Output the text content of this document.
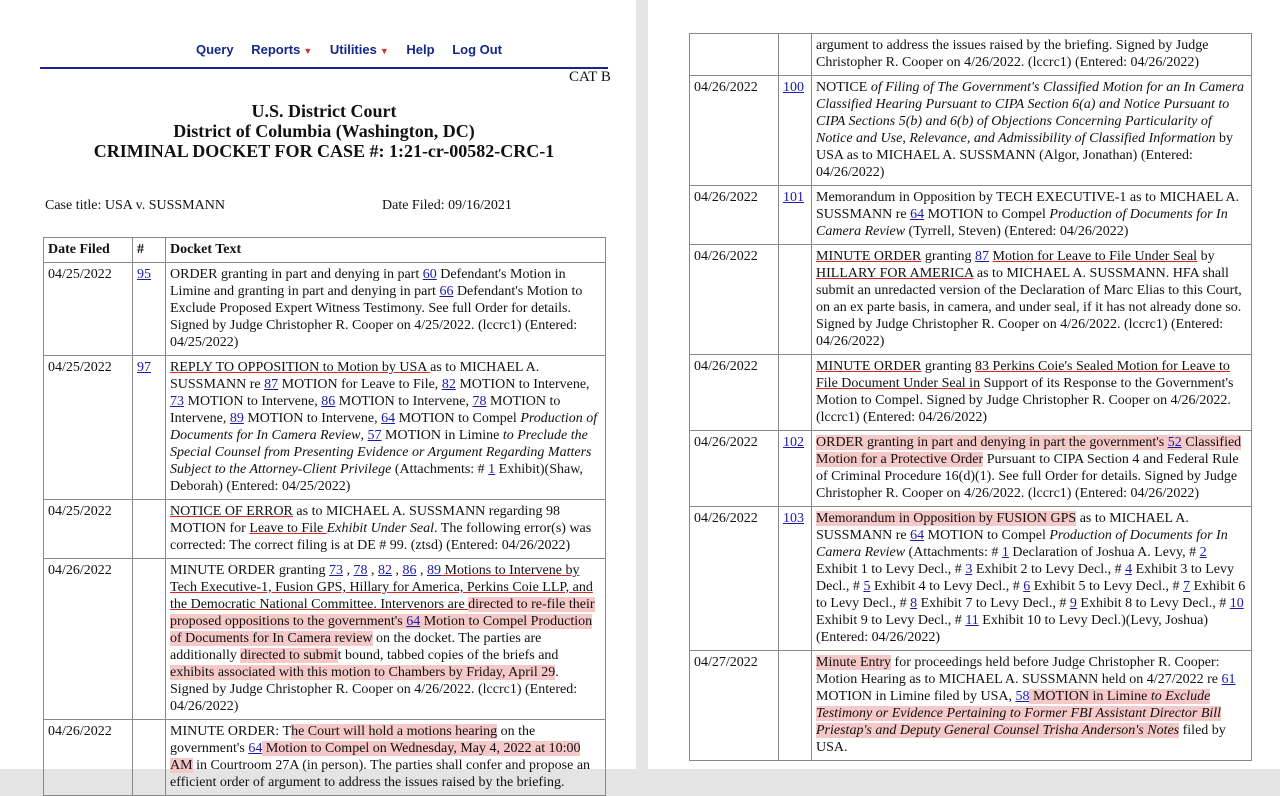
Query Reports ▼ Utilities ▼ Help Log Out
CAT B
U.S. District Court
District of Columbia (Washington, DC)
CRIMINAL DOCKET FOR CASE #: 1:21-cr-00582-CRC-1
Case title: USA v. SUSSMANN	Date Filed: 09/16/2021
Date Filed	#	Docket Text
04/25/2022	95	ORDER granting in part and denying in part 60 Defendant's Motion in Limine and granting in part and denying in part 66 Defendant's Motion to Exclude Proposed Expert Witness Testimony. See full Order for details. Signed by Judge Christopher R. Cooper on 4/25/2022. (lccrc1) (Entered: 04/25/2022)
04/25/2022	97	REPLY TO OPPOSITION to Motion by USA as to MICHAEL A. SUSSMANN re 87 MOTION for Leave to File, 82 MOTION to Intervene, 73 MOTION to Intervene, 86 MOTION to Intervene, 78 MOTION to Intervene, 89 MOTION to Intervene, 64 MOTION to Compel Production of Documents for In Camera Review, 57 MOTION in Limine to Preclude the Special Counsel from Presenting Evidence or Argument Regarding Matters Subject to the Attorney-Client Privilege (Attachments: # 1 Exhibit)(Shaw, Deborah) (Entered: 04/25/2022)
04/25/2022		NOTICE OF ERROR as to MICHAEL A. SUSSMANN regarding 98 MOTION for Leave to File Exhibit Under Seal. The following error(s) was corrected: The correct filing is at DE # 99. (ztsd) (Entered: 04/26/2022)
04/26/2022		MINUTE ORDER granting 73 , 78 , 82 , 86 , 89 Motions to Intervene by Tech Executive-1, Fusion GPS, Hillary for America, Perkins Coie LLP, and the Democratic National Committee. Intervenors are directed to re-file their proposed oppositions to the government's 64 Motion to Compel Production of Documents for In Camera review on the docket. The parties are additionally directed to submit bound, tabbed copies of the briefs and exhibits associated with this motion to Chambers by Friday, April 29. Signed by Judge Christopher R. Cooper on 4/26/2022. (lccrc1) (Entered: 04/26/2022)
04/26/2022		MINUTE ORDER: The Court will hold a motions hearing on the government's 64 Motion to Compel on Wednesday, May 4, 2022 at 10:00 AM in Courtroom 27A (in person). The parties shall confer and propose an efficient order of argument to address the issues raised by the briefing.
		argument to address the issues raised by the briefing. Signed by Judge Christopher R. Cooper on 4/26/2022. (lccrc1) (Entered: 04/26/2022)
04/26/2022	100	NOTICE of Filing of The Government's Classified Motion for an In Camera Classified Hearing Pursuant to CIPA Section 6(a) and Notice Pursuant to CIPA Sections 5(b) and 6(b) of Objections Concerning Particularity of Notice and Use, Relevance, and Admissibility of Classified Information by USA as to MICHAEL A. SUSSMANN (Algor, Jonathan) (Entered: 04/26/2022)
04/26/2022	101	Memorandum in Opposition by TECH EXECUTIVE-1 as to MICHAEL A. SUSSMANN re 64 MOTION to Compel Production of Documents for In Camera Review (Tyrrell, Steven) (Entered: 04/26/2022)
04/26/2022		MINUTE ORDER granting 87 Motion for Leave to File Under Seal by HILLARY FOR AMERICA as to MICHAEL A. SUSSMANN. HFA shall submit an unredacted version of the Declaration of Marc Elias to this Court, on an ex parte basis, in camera, and under seal, if it has not already done so. Signed by Judge Christopher R. Cooper on 4/26/2022. (lccrc1) (Entered: 04/26/2022)
04/26/2022		MINUTE ORDER granting 83 Perkins Coie's Sealed Motion for Leave to File Document Under Seal in Support of its Response to the Government's Motion to Compel. Signed by Judge Christopher R. Cooper on 4/26/2022. (lccrc1) (Entered: 04/26/2022)
04/26/2022	102	ORDER granting in part and denying in part the government's 52 Classified Motion for a Protective Order Pursuant to CIPA Section 4 and Federal Rule of Criminal Procedure 16(d)(1). See full Order for details. Signed by Judge Christopher R. Cooper on 4/26/2022. (lccrc1) (Entered: 04/26/2022)
04/26/2022	103	Memorandum in Opposition by FUSION GPS as to MICHAEL A. SUSSMANN re 64 MOTION to Compel Production of Documents for In Camera Review (Attachments: # 1 Declaration of Joshua A. Levy, # 2 Exhibit 1 to Levy Decl., # 3 Exhibit 2 to Levy Decl., # 4 Exhibit 3 to Levy Decl., # 5 Exhibit 4 to Levy Decl., # 6 Exhibit 5 to Levy Decl., # 7 Exhibit 6 to Levy Decl., # 8 Exhibit 7 to Levy Decl., # 9 Exhibit 8 to Levy Decl., # 10 Exhibit 9 to Levy Decl., # 11 Exhibit 10 to Levy Decl.)(Levy, Joshua) (Entered: 04/26/2022)
04/27/2022		Minute Entry for proceedings held before Judge Christopher R. Cooper: Motion Hearing as to MICHAEL A. SUSSMANN held on 4/27/2022 re 61 MOTION in Limine filed by USA, 58 MOTION in Limine to Exclude Testimony or Evidence Pertaining to Former FBI Assistant Director Bill Priestap's and Deputy General Counsel Trisha Anderson's Notes filed by USA.
